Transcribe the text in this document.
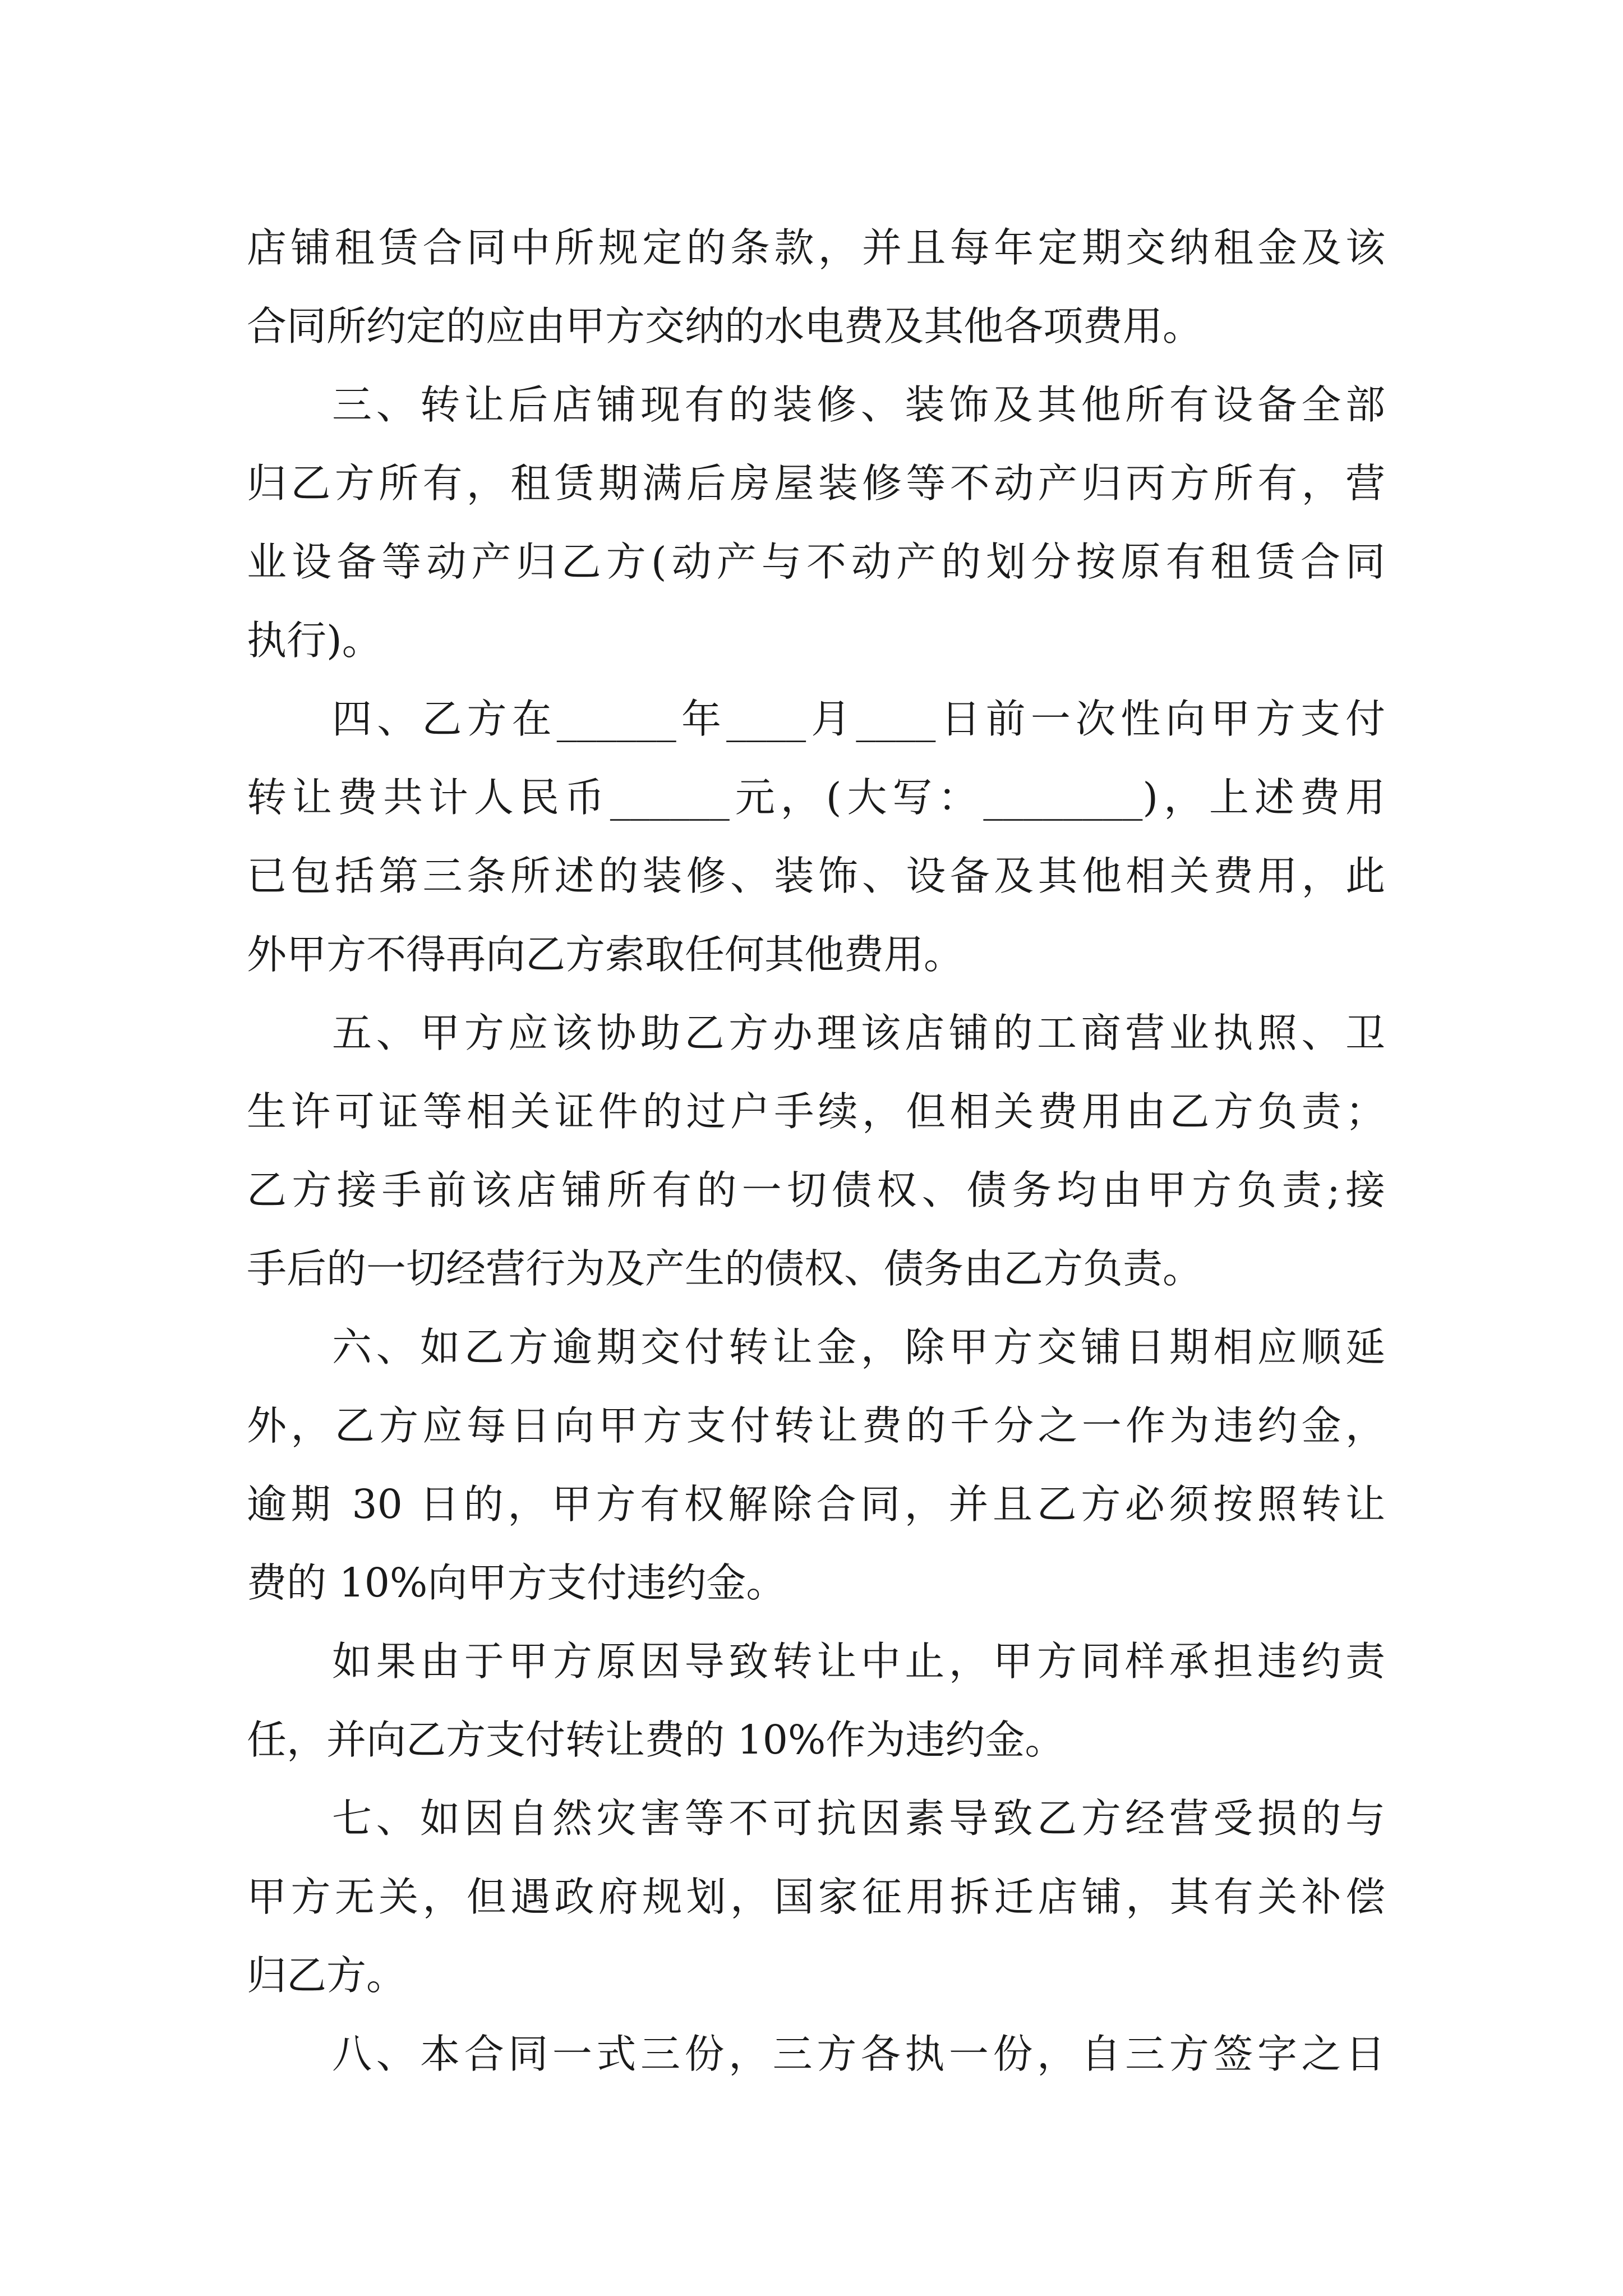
店铺租赁合同中所规定的条款，并且每年定期交纳租金及该
合同所约定的应由甲方交纳的水电费及其他各项费用。
三、转让后店铺现有的装修、装饰及其他所有设备全部
归乙方所有，租赁期满后房屋装修等不动产归丙方所有，营
业设备等动产归乙方(动产与不动产的划分按原有租赁合同
执行)。
四、乙方在______年____月____日前一次性向甲方支付
转让费共计人民币______元，(大写：________)，上述费用
已包括第三条所述的装修、装饰、设备及其他相关费用，此
外甲方不得再向乙方索取任何其他费用。
五、甲方应该协助乙方办理该店铺的工商营业执照、卫
生许可证等相关证件的过户手续，但相关费用由乙方负责；
乙方接手前该店铺所有的一切债权、债务均由甲方负责;接
手后的一切经营行为及产生的债权、债务由乙方负责。
六、如乙方逾期交付转让金，除甲方交铺日期相应顺延
外，乙方应每日向甲方支付转让费的千分之一作为违约金，
逾期 30 日的，甲方有权解除合同，并且乙方必须按照转让
费的 10%向甲方支付违约金。
如果由于甲方原因导致转让中止，甲方同样承担违约责
任，并向乙方支付转让费的 10%作为违约金。
七、如因自然灾害等不可抗因素导致乙方经营受损的与
甲方无关，但遇政府规划，国家征用拆迁店铺，其有关补偿
归乙方。
八、本合同一式三份，三方各执一份，自三方签字之日
